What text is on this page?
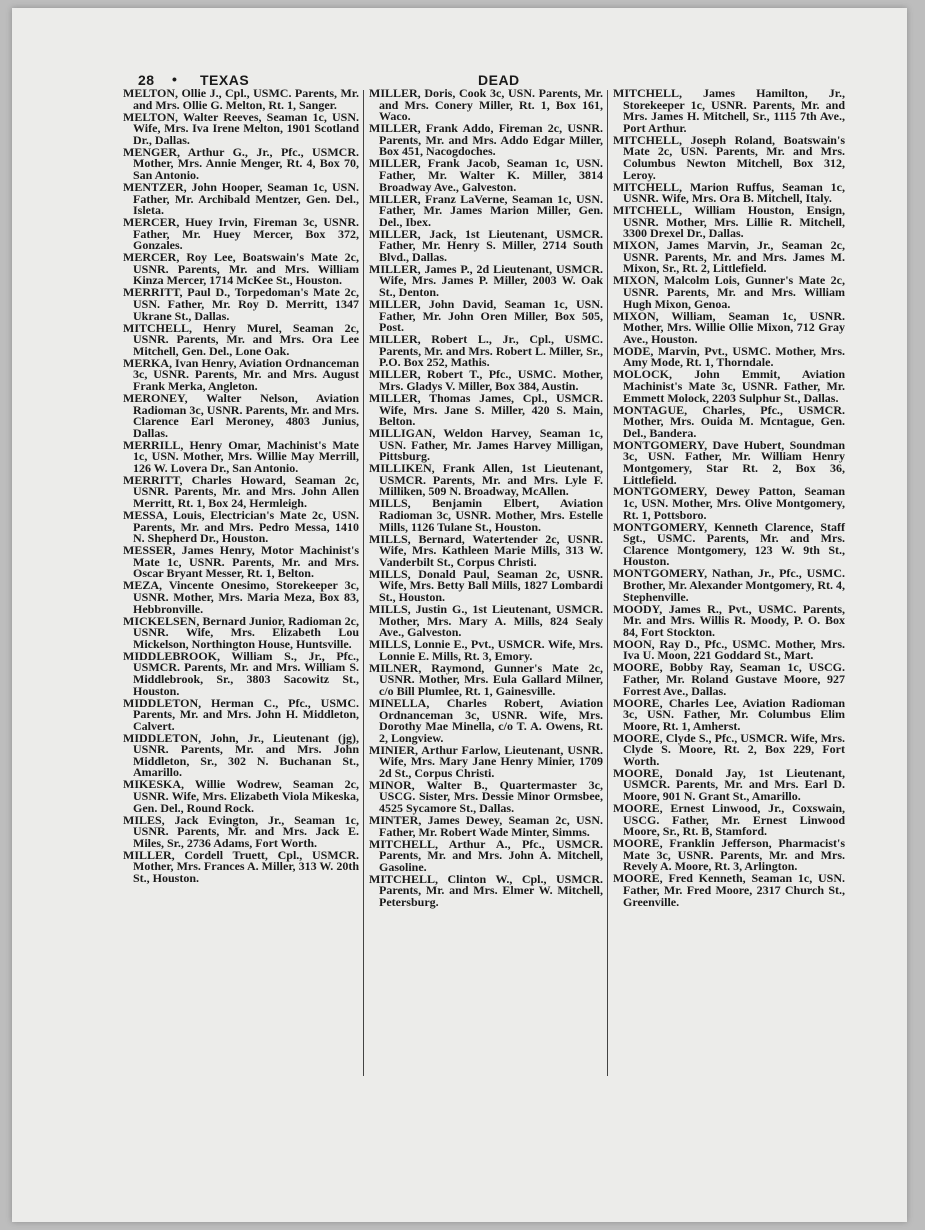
28 • TEXAS	DEAD

MELTON, Ollie J., Cpl., USMC. Parents, Mr. and Mrs. Ollie G. Melton, Rt. 1, Sanger.

MELTON, Walter Reeves, Seaman 1c, USN. Wife, Mrs. Iva Irene Melton, 1901 Scotland Dr., Dallas.

MENGER, Arthur G., Jr., Pfc., USMCR. Mother, Mrs. Annie Menger, Rt. 4, Box 70, San Antonio.

MENTZER, John Hooper, Seaman 1c, USN. Father, Mr. Archibald Mentzer, Gen. Del., Isleta.

MERCER, Huey Irvin, Fireman 3c, USNR. Father, Mr. Huey Mercer, Box 372, Gonzales.

MERCER, Roy Lee, Boatswain's Mate 2c, USNR. Parents, Mr. and Mrs. William Kinza Mercer, 1714 McKee St., Houston.

MERRITT, Paul D., Torpedoman's Mate 2c, USN. Father, Mr. Roy D. Merritt, 1347 Ukrane St., Dallas.

MITCHELL, Henry Murel, Seaman 2c, USNR. Parents, Mr. and Mrs. Ora Lee Mitchell, Gen. Del., Lone Oak.

MERKA, Ivan Henry, Aviation Ordnanceman 3c, USNR. Parents, Mr. and Mrs. August Frank Merka, Angleton.

MERONEY, Walter Nelson, Aviation Radioman 3c, USNR. Parents, Mr. and Mrs. Clarence Earl Meroney, 4803 Junius, Dallas.

MERRILL, Henry Omar, Machinist's Mate 1c, USN. Mother, Mrs. Willie May Merrill, 126 W. Lovera Dr., San Antonio.

MERRITT, Charles Howard, Seaman 2c, USNR. Parents, Mr. and Mrs. John Allen Merritt, Rt. 1, Box 24, Hermleigh.

MESSA, Louis, Electrician's Mate 2c, USN. Parents, Mr. and Mrs. Pedro Messa, 1410 N. Shepherd Dr., Houston.

MESSER, James Henry, Motor Machinist's Mate 1c, USNR. Parents, Mr. and Mrs. Oscar Bryant Messer, Rt. 1, Belton.

MEZA, Vincente Onesimo, Storekeeper 3c, USNR. Mother, Mrs. Maria Meza, Box 83, Hebbronville.

MICKELSEN, Bernard Junior, Radioman 2c, USNR. Wife, Mrs. Elizabeth Lou Mickelson, Northington House, Huntsville.

MIDDLEBROOK, William S., Jr., Pfc., USMCR. Parents, Mr. and Mrs. William S. Middlebrook, Sr., 3803 Sacowitz St., Houston.

MIDDLETON, Herman C., Pfc., USMC. Parents, Mr. and Mrs. John H. Middleton, Calvert.

MIDDLETON, John, Jr., Lieutenant (jg), USNR. Parents, Mr. and Mrs. John Middleton, Sr., 302 N. Buchanan St., Amarillo.

MIKESKA, Willie Wodrew, Seaman 2c, USNR. Wife, Mrs. Elizabeth Viola Mikeska, Gen. Del., Round Rock.

MILES, Jack Evington, Jr., Seaman 1c, USNR. Parents, Mr. and Mrs. Jack E. Miles, Sr., 2736 Adams, Fort Worth.

MILLER, Cordell Truett, Cpl., USMCR. Mother, Mrs. Frances A. Miller, 313 W. 20th St., Houston.

MILLER, Doris, Cook 3c, USN. Parents, Mr. and Mrs. Conery Miller, Rt. 1, Box 161, Waco.

MILLER, Frank Addo, Fireman 2c, USNR. Parents, Mr. and Mrs. Addo Edgar Miller, Box 451, Nacogdoches.

MILLER, Frank Jacob, Seaman 1c, USN. Father, Mr. Walter K. Miller, 3814 Broadway Ave., Galveston.

MILLER, Franz LaVerne, Seaman 1c, USN. Father, Mr. James Marion Miller, Gen. Del., Ibex.

MILLER, Jack, 1st Lieutenant, USMCR. Father, Mr. Henry S. Miller, 2714 South Blvd., Dallas.

MILLER, James P., 2d Lieutenant, USMCR. Wife, Mrs. James P. Miller, 2003 W. Oak St., Denton.

MILLER, John David, Seaman 1c, USN. Father, Mr. John Oren Miller, Box 505, Post.

MILLER, Robert L., Jr., Cpl., USMC. Parents, Mr. and Mrs. Robert L. Miller, Sr., P.O. Box 252, Mathis.

MILLER, Robert T., Pfc., USMC. Mother, Mrs. Gladys V. Miller, Box 384, Austin.

MILLER, Thomas James, Cpl., USMCR. Wife, Mrs. Jane S. Miller, 420 S. Main, Belton.

MILLIGAN, Weldon Harvey, Seaman 1c, USN. Father, Mr. James Harvey Milligan, Pittsburg.

MILLIKEN, Frank Allen, 1st Lieutenant, USMCR. Parents, Mr. and Mrs. Lyle F. Milliken, 509 N. Broadway, McAllen.

MILLS, Benjamin Elbert, Aviation Radioman 3c, USNR. Mother, Mrs. Estelle Mills, 1126 Tulane St., Houston.

MILLS, Bernard, Watertender 2c, USNR. Wife, Mrs. Kathleen Marie Mills, 313 W. Vanderbilt St., Corpus Christi.

MILLS, Donald Paul, Seaman 2c, USNR. Wife, Mrs. Betty Ball Mills, 1827 Lombardi St., Houston.

MILLS, Justin G., 1st Lieutenant, USMCR. Mother, Mrs. Mary A. Mills, 824 Sealy Ave., Galveston.

MILLS, Lonnie E., Pvt., USMCR. Wife, Mrs. Lonnie E. Mills, Rt. 3, Emory.

MILNER, Raymond, Gunner's Mate 2c, USNR. Mother, Mrs. Eula Gallard Milner, c/o Bill Plumlee, Rt. 1, Gainesville.

MINELLA, Charles Robert, Aviation Ordnanceman 3c, USNR. Wife, Mrs. Dorothy Mae Minella, c/o T. A. Owens, Rt. 2, Longview.

MINIER, Arthur Farlow, Lieutenant, USNR. Wife, Mrs. Mary Jane Henry Minier, 1709 2d St., Corpus Christi.

MINOR, Walter B., Quartermaster 3c, USCG. Sister, Mrs. Dessie Minor Ormsbee, 4525 Sycamore St., Dallas.

MINTER, James Dewey, Seaman 2c, USN. Father, Mr. Robert Wade Minter, Simms.

MITCHELL, Arthur A., Pfc., USMCR. Parents, Mr. and Mrs. John A. Mitchell, Gasoline.

MITCHELL, Clinton W., Cpl., USMCR. Parents, Mr. and Mrs. Elmer W. Mitchell, Petersburg.

MITCHELL, James Hamilton, Jr., Storekeeper 1c, USNR. Parents, Mr. and Mrs. James H. Mitchell, Sr., 1115 7th Ave., Port Arthur.

MITCHELL, Joseph Roland, Boatswain's Mate 2c, USN. Parents, Mr. and Mrs. Columbus Newton Mitchell, Box 312, Leroy.

MITCHELL, Marion Ruffus, Seaman 1c, USNR. Wife, Mrs. Ora B. Mitchell, Italy.

MITCHELL, William Houston, Ensign, USNR. Mother, Mrs. Lillie R. Mitchell, 3300 Drexel Dr., Dallas.

MIXON, James Marvin, Jr., Seaman 2c, USNR. Parents, Mr. and Mrs. James M. Mixon, Sr., Rt. 2, Littlefield.

MIXON, Malcolm Lois, Gunner's Mate 2c, USNR. Parents, Mr. and Mrs. William Hugh Mixon, Genoa.

MIXON, William, Seaman 1c, USNR. Mother, Mrs. Willie Ollie Mixon, 712 Gray Ave., Houston.

MODE, Marvin, Pvt., USMC. Mother, Mrs. Amy Mode, Rt. 1, Thorndale.

MOLOCK, John Emmit, Aviation Machinist's Mate 3c, USNR. Father, Mr. Emmett Molock, 2203 Sulphur St., Dallas.

MONTAGUE, Charles, Pfc., USMCR. Mother, Mrs. Ouida M. Mcntague, Gen. Del., Bandera.

MONTGOMERY, Dave Hubert, Soundman 3c, USN. Father, Mr. William Henry Montgomery, Star Rt. 2, Box 36, Littlefield.

MONTGOMERY, Dewey Patton, Seaman 1c, USN. Mother, Mrs. Olive Montgomery, Rt. 1, Pottsboro.

MONTGOMERY, Kenneth Clarence, Staff Sgt., USMC. Parents, Mr. and Mrs. Clarence Montgomery, 123 W. 9th St., Houston.

MONTGOMERY, Nathan, Jr., Pfc., USMC. Brother, Mr. Alexander Montgomery, Rt. 4, Stephenville.

MOODY, James R., Pvt., USMC. Parents, Mr. and Mrs. Willis R. Moody, P. O. Box 84, Fort Stockton.

MOON, Ray D., Pfc., USMC. Mother, Mrs. Iva U. Moon, 221 Goddard St., Mart.

MOORE, Bobby Ray, Seaman 1c, USCG. Father, Mr. Roland Gustave Moore, 927 Forrest Ave., Dallas.

MOORE, Charles Lee, Aviation Radioman 3c, USN. Father, Mr. Columbus Elim Moore, Rt. 1, Amherst.

MOORE, Clyde S., Pfc., USMCR. Wife, Mrs. Clyde S. Moore, Rt. 2, Box 229, Fort Worth.

MOORE, Donald Jay, 1st Lieutenant, USMCR. Parents, Mr. and Mrs. Earl D. Moore, 901 N. Grant St., Amarillo.

MOORE, Ernest Linwood, Jr., Coxswain, USCG. Father, Mr. Ernest Linwood Moore, Sr., Rt. B, Stamford.

MOORE, Franklin Jefferson, Pharmacist's Mate 3c, USNR. Parents, Mr. and Mrs. Revely A. Moore, Rt. 3, Arlington.

MOORE, Fred Kenneth, Seaman 1c, USN. Father, Mr. Fred Moore, 2317 Church St., Greenville.
